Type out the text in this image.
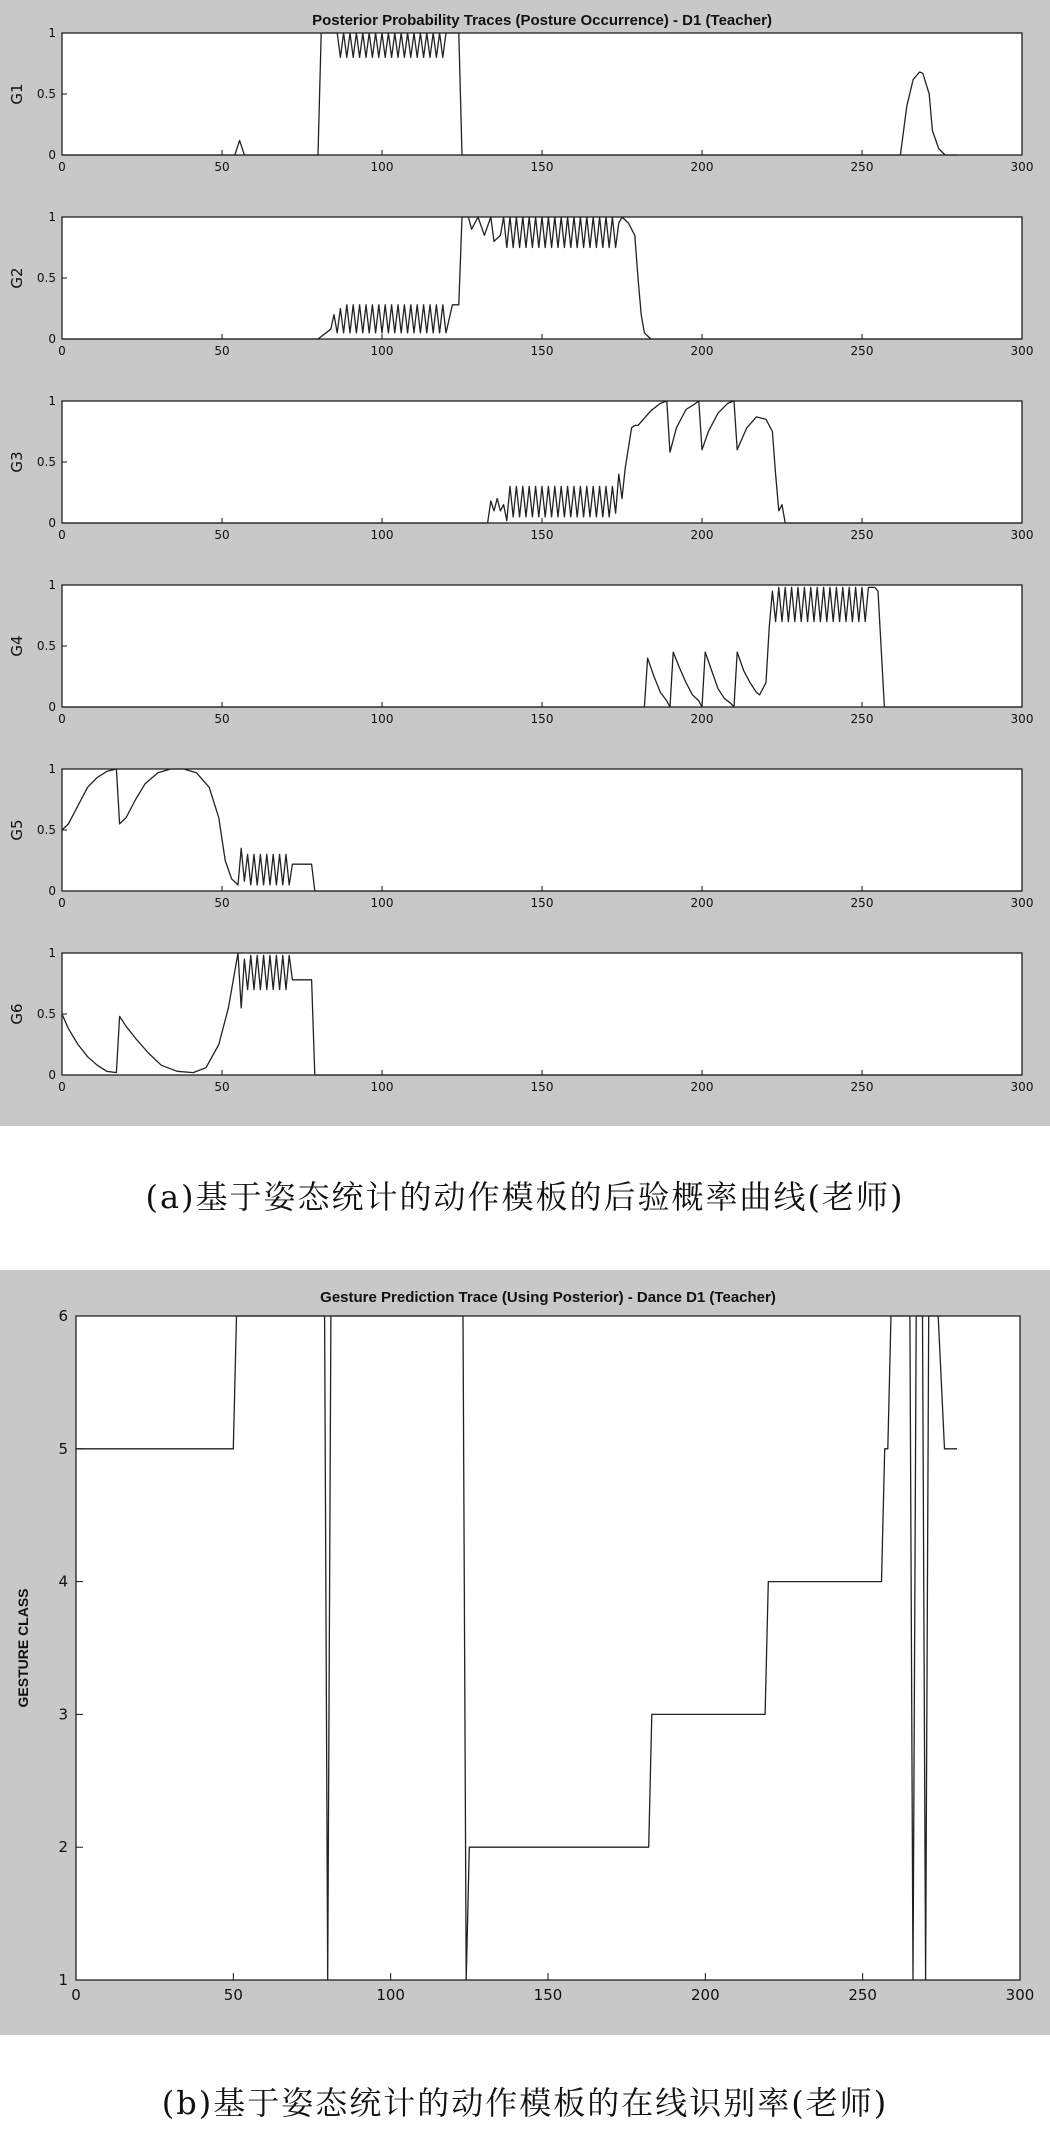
Posterior Probability Traces (Posture Occurrence) - D1 (Teacher)
0
0.5
1
0	50	100	150	200	250	300
G1
0
0.5
1
0	50	100	150	200	250	300
G2
0
0.5
1
0	50	100	150	200	250	300
G3
0
0.5
1
0	50	100	150	200	250	300
G4
0
0.5
1
0	50	100	150	200	250	300
G5
0
0.5
1
0	50	100	150	200	250	300
G6
(a)基于姿态统计的动作模板的后验概率曲线(老师)
Gesture Prediction Trace (Using Posterior) - Dance D1 (Teacher)
1
2
3
4
5
6
0	50	100	150	200	250	300
GESTURE CLASS
(b)基于姿态统计的动作模板的在线识别率(老师)
